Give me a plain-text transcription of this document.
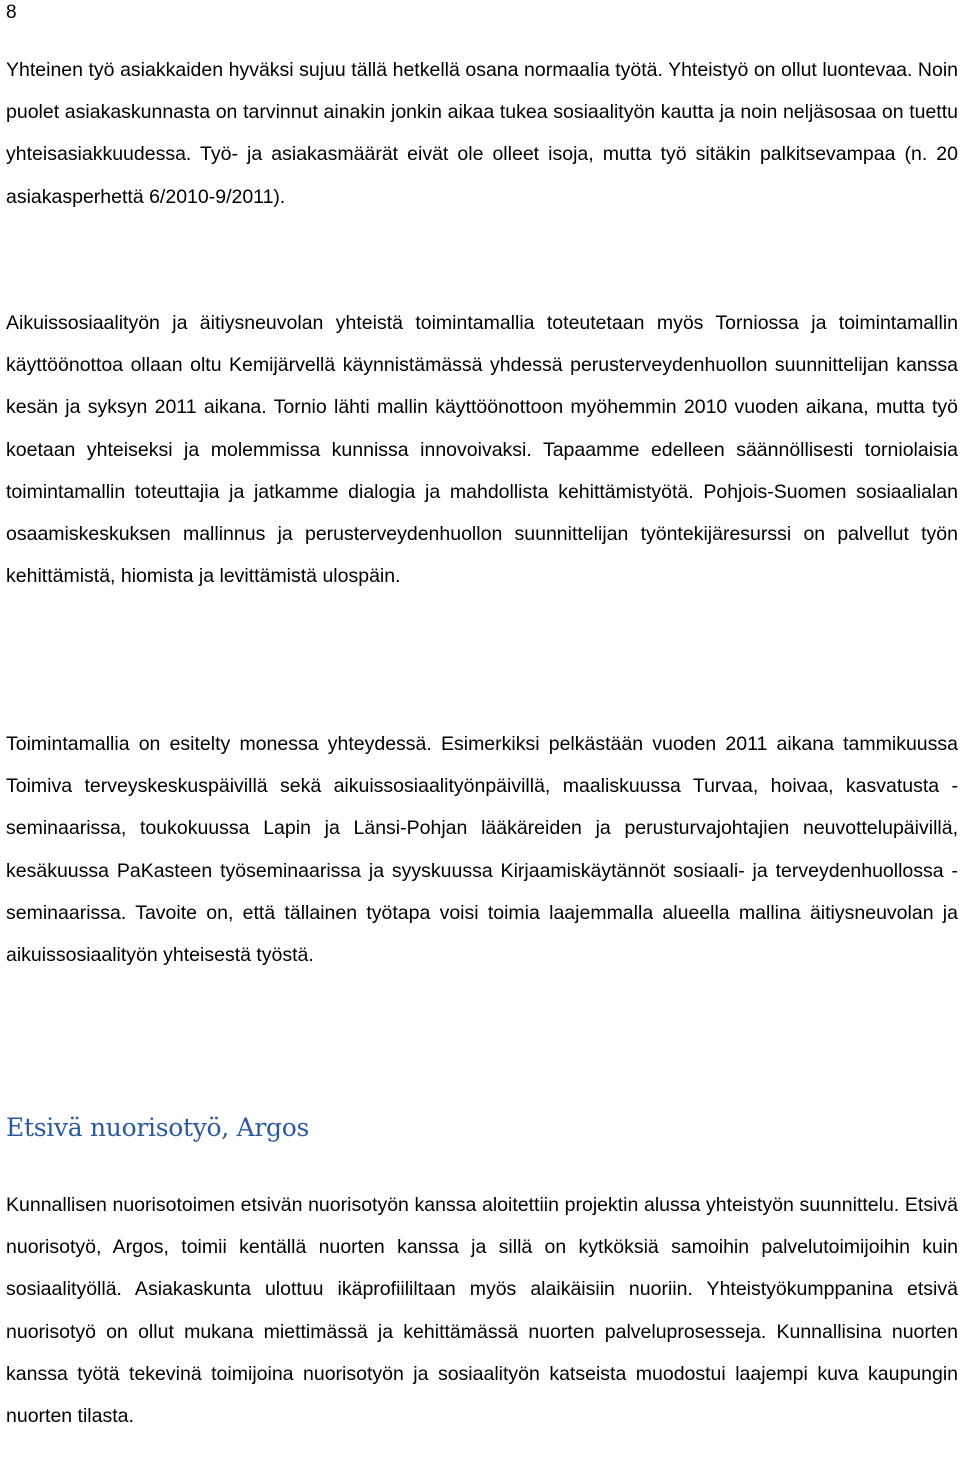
8

Yhteinen työ asiakkaiden hyväksi sujuu tällä hetkellä osana normaalia työtä. Yhteistyö on ollut luontevaa. Noin puolet asiakaskunnasta on tarvinnut ainakin jonkin aikaa tukea sosiaalityön kautta ja noin neljäsosaa on tuettu yhteisasiakkuudessa. Työ- ja asiakasmäärät eivät ole olleet isoja, mutta työ sitäkin palkitsevampaa (n. 20 asiakasperhettä 6/2010-9/2011).

Aikuissosiaalityön ja äitiysneuvolan yhteistä toimintamallia toteutetaan myös Torniossa ja toimintamallin käyttöönottoa ollaan oltu Kemijärvellä käynnistämässä yhdessä perusterveydenhuollon suunnittelijan kanssa kesän ja syksyn 2011 aikana. Tornio lähti mallin käyttöönottoon myöhemmin 2010 vuoden aikana, mutta työ koetaan yhteiseksi ja molemmissa kunnissa innovoivaksi. Tapaamme edelleen säännöllisesti torniolaisia toimintamallin toteuttajia ja jatkamme dialogia ja mahdollista kehittämistyötä. Pohjois-Suomen sosiaalialan osaamiskeskuksen mallinnus ja perusterveydenhuollon suunnittelijan työntekijäresurssi on palvellut työn kehittämistä, hiomista ja levittämistä ulospäin.

Toimintamallia on esitelty monessa yhteydessä. Esimerkiksi pelkästään vuoden 2011 aikana tammikuussa Toimiva terveyskeskuspäivillä sekä aikuissosiaalityönpäivillä, maaliskuussa Turvaa, hoivaa, kasvatusta -seminaarissa, toukokuussa Lapin ja Länsi-Pohjan lääkäreiden ja perusturvajohtajien neuvottelupäivillä, kesäkuussa PaKasteen työseminaarissa ja syyskuussa Kirjaamiskäytännöt sosiaali- ja terveydenhuollossa -seminaarissa. Tavoite on, että tällainen työtapa voisi toimia laajemmalla alueella mallina äitiysneuvolan ja aikuissosiaalityön yhteisestä työstä.

Etsivä nuorisotyö, Argos

Kunnallisen nuorisotoimen etsivän nuorisotyön kanssa aloitettiin projektin alussa yhteistyön suunnittelu. Etsivä nuorisotyö, Argos, toimii kentällä nuorten kanssa ja sillä on kytköksiä samoihin palvelutoimijoihin kuin sosiaalityöllä. Asiakaskunta ulottuu ikäprofiililtaan myös alaikäisiin nuoriin. Yhteistyökumppanina etsivä nuorisotyö on ollut mukana miettimässä ja kehittämässä nuorten palveluprosesseja. Kunnallisina nuorten kanssa työtä tekevinä toimijoina nuorisotyön ja sosiaalityön katseista muodostui laajempi kuva kaupungin nuorten tilasta.
